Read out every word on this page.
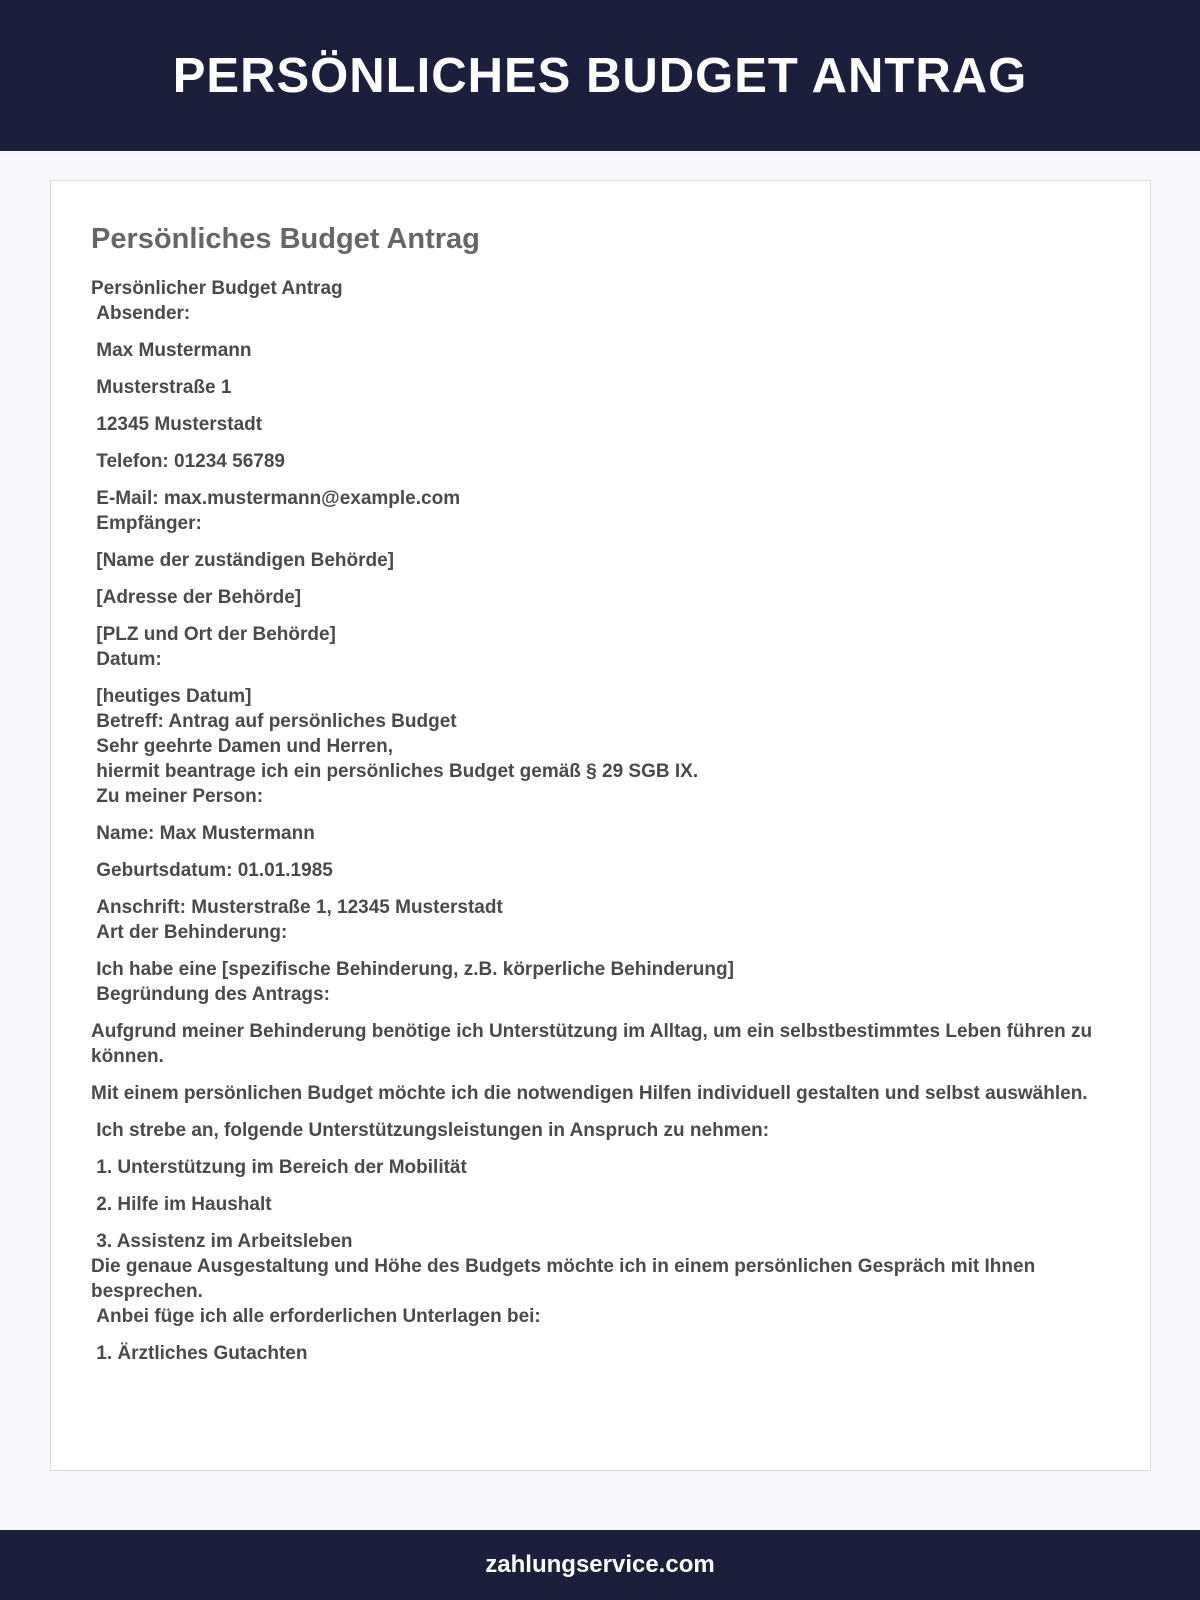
PERSÖNLICHES BUDGET ANTRAG
Persönliches Budget Antrag
Persönlicher Budget Antrag
Absender:
Max Mustermann
Musterstraße 1
12345 Musterstadt
Telefon: 01234 56789
E-Mail: max.mustermann@example.com
Empfänger:
[Name der zuständigen Behörde]
[Adresse der Behörde]
[PLZ und Ort der Behörde]
Datum:
[heutiges Datum]
Betreff: Antrag auf persönliches Budget
Sehr geehrte Damen und Herren,
hiermit beantrage ich ein persönliches Budget gemäß § 29 SGB IX.
Zu meiner Person:
Name: Max Mustermann
Geburtsdatum: 01.01.1985
Anschrift: Musterstraße 1, 12345 Musterstadt
Art der Behinderung:
Ich habe eine [spezifische Behinderung, z.B. körperliche Behinderung]
Begründung des Antrags:
Aufgrund meiner Behinderung benötige ich Unterstützung im Alltag, um ein selbstbestimmtes Leben führen zu können.
Mit einem persönlichen Budget möchte ich die notwendigen Hilfen individuell gestalten und selbst auswählen.
Ich strebe an, folgende Unterstützungsleistungen in Anspruch zu nehmen:
1. Unterstützung im Bereich der Mobilität
2. Hilfe im Haushalt
3. Assistenz im Arbeitsleben
Die genaue Ausgestaltung und Höhe des Budgets möchte ich in einem persönlichen Gespräch mit Ihnen besprechen.
Anbei füge ich alle erforderlichen Unterlagen bei:
1. Ärztliches Gutachten
zahlungservice.com
